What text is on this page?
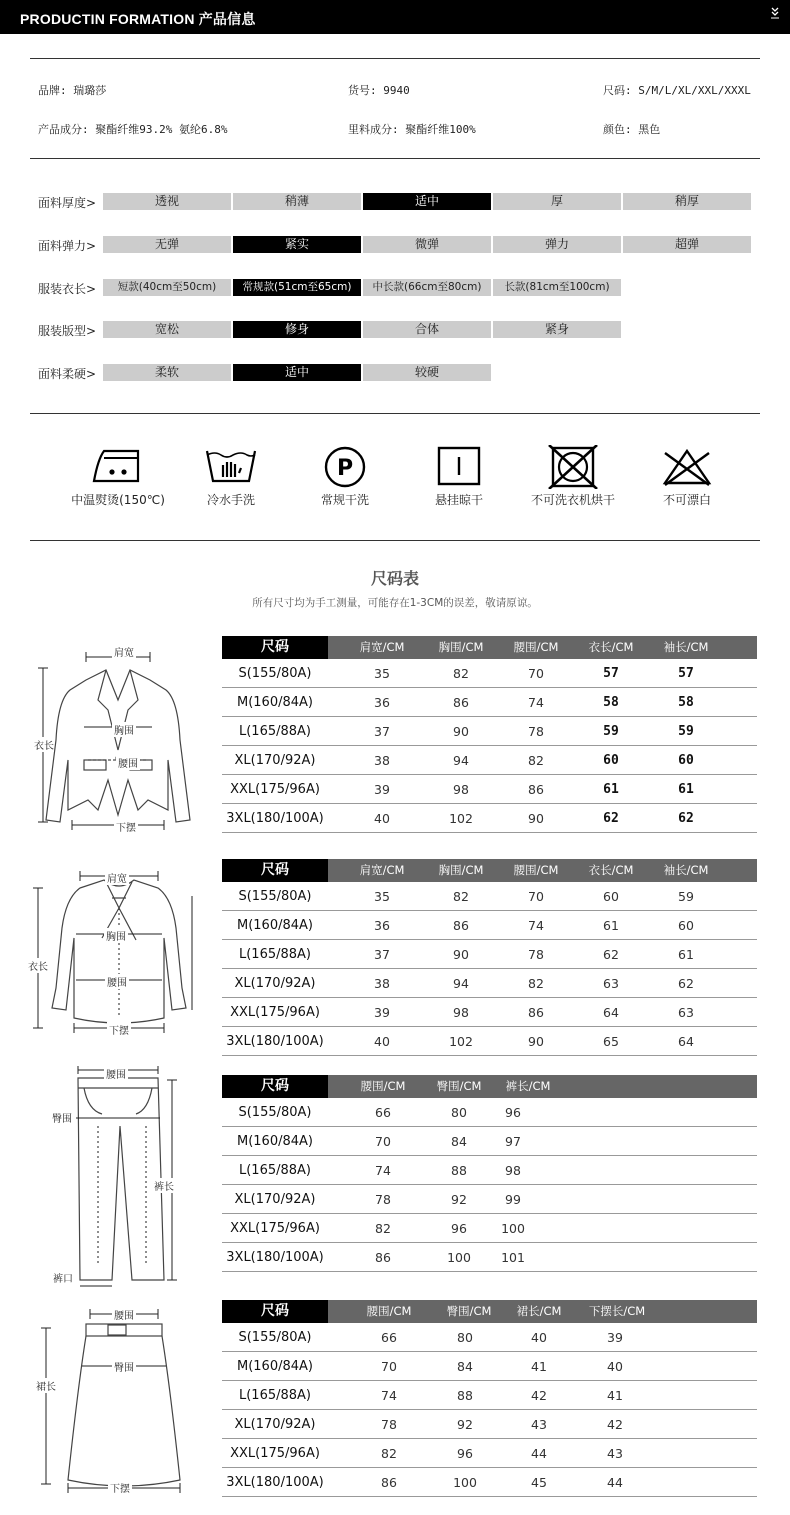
PRODUCTIN FORMATION 产品信息
品牌: 瑞璐莎	货号: 9940	尺码: S/M/L/XL/XXL/XXXL
产品成分: 聚酯纤维93.2% 氨纶6.8%	里料成分: 聚酯纤维100%	颜色: 黑色
面料厚度>	透视	稍薄	适中	厚	稍厚
面料弹力>	无弹	紧实	微弹	弹力	超弹
服装衣长>	短款(40cm至50cm)	常规款(51cm至65cm)	中长款(66cm至80cm)	长款(81cm至100cm)
服装版型>	宽松	修身	合体	紧身
面料柔硬>	柔软	适中	较硬
中温熨烫(150℃)	冷水手洗
P
常规干洗	悬挂晾干	不可洗衣机烘干	不可漂白
尺码表
所有尺寸均为手工测量，可能存在1-3CM的误差，敬请原谅。
肩宽
衣长
胸围
腰围
下摆
肩宽
衣长
胸围
腰围
下摆
腰围
臀围
裤长
裤口
腰围
裙长
臀围
下摆
尺码	肩宽/CM	胸围/CM	腰围/CM	衣长/CM	袖长/CM
S(155/80A)	35	82	70	57	57
M(160/84A)	36	86	74	58	58
L(165/88A)	37	90	78	59	59
XL(170/92A)	38	94	82	60	60
XXL(175/96A)	39	98	86	61	61
3XL(180/100A)	40	102	90	62	62
尺码	肩宽/CM	胸围/CM	腰围/CM	衣长/CM	袖长/CM
S(155/80A)	35	82	70	60	59
M(160/84A)	36	86	74	61	60
L(165/88A)	37	90	78	62	61
XL(170/92A)	38	94	82	63	62
XXL(175/96A)	39	98	86	64	63
3XL(180/100A)	40	102	90	65	64
尺码	腰围/CM	臀围/CM	裤长/CM
S(155/80A)	66	80	96
M(160/84A)	70	84	97
L(165/88A)	74	88	98
XL(170/92A)	78	92	99
XXL(175/96A)	82	96	100
3XL(180/100A)	86	100	101
尺码	腰围/CM	臀围/CM	裙长/CM	下摆长/CM
S(155/80A)	66	80	40	39
M(160/84A)	70	84	41	40
L(165/88A)	74	88	42	41
XL(170/92A)	78	92	43	42
XXL(175/96A)	82	96	44	43
3XL(180/100A)	86	100	45	44
